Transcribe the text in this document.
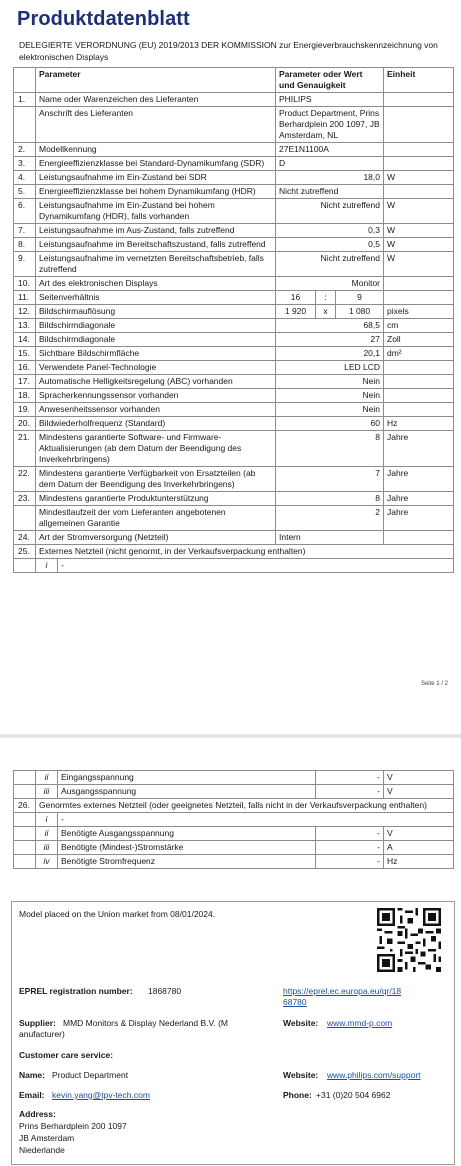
Produktdatenblatt
DELEGIERTE VERORDNUNG (EU) 2019/2013 DER KOMMISSION zur Energieverbrauchskennzeichnung von elektronischen Displays
	Parameter		Parameter oder Wert und Genauigkeit			Einheit
1.	Name oder Warenzeichen des Lieferanten		PHILIPS			
	Anschrift des Lieferanten		Product Department, Prins Berhardplein 200 1097, JB Amsterdam, NL			
2.	Modellkennung		27E1N1100A			
3.	Energieeffizienzklasse bei Standard-Dynamikumfang (SDR)		D			
4.	Leistungsaufnahme im Ein-Zustand bei SDR		18,0			W
5.	Energieeffizienzklasse bei hohem Dynamikumfang (HDR)		Nicht zutreffend			
6.	Leistungsaufnahme im Ein-Zustand bei hohem Dynamikumfang (HDR), falls vorhanden		Nicht zutreffend			W
7.	Leistungsaufnahme im Aus-Zustand, falls zutreffend		0,3			W
8.	Leistungsaufnahme im Bereitschaftszustand, falls zutreffend		0,5			W
9.	Leistungsaufnahme im vernetzten Bereitschaftsbetrieb, falls zutreffend		Nicht zutreffend			W
10.	Art des elektronischen Displays		Monitor			
11.	Seitenverhältnis		16	:	9	
12.	Bildschirmauflösung		1 920	x	1 080	pixels
13.	Bildschirmdiagonale		68,5			cm
14.	Bildschirmdiagonale		27			Zoll
15.	Sichtbare Bildschirmfläche		20,1			dm²
16.	Verwendete Panel-Technologie		LED LCD			
17.	Automatische Helligkeitsregelung (ABC) vorhanden		Nein			
18.	Spracherkennungssensor vorhanden		Nein			
19.	Anwesenheitssensor vorhanden		Nein			
20.	Bildwiederholfrequenz (Standard)		60			Hz
21.	Mindestens garantierte Software- und Firmware-Aktualisierungen (ab dem Datum der Beendigung des Inverkehrbringens)		8			Jahre
22.	Mindestens garantierte Verfügbarkeit von Ersatzteilen (ab dem Datum der Beendigung des Inverkehrbringens)		7			Jahre
23.	Mindestens garantierte Produktunterstützung		8			Jahre
	Mindestlaufzeit der vom Lieferanten angebotenen allgemeinen Garantie		2			Jahre
24.	Art der Stromversorgung (Netzteil)		Intern			
25.	Externes Netzteil (nicht genormt, in der Verkaufsverpackung enthalten)					
	i	-				
Seite 1 / 2
	ii	Eingangsspannung	-	V
	iii	Ausgangsspannung	-	V
26.	Genormtes externes Netzteil (oder geeignetes Netzteil, falls nicht in der Verkaufsverpackung enthalten)			
	i	-		
	ii	Benötigte Ausgangsspannung	-	V
	iii	Benötigte (Mindest-)Stromstärke	-	A
	iv	Benötigte Stromfrequenz	-	Hz
Model placed on the Union market from 08/01/2024.
EPREL registration number: 1868780	https://eprel.ec.europa.eu/qr/18
68780
Supplier: MMD Monitors & Display Nederland B.V. (M
anufacturer)
Website: www.mmd-p.com
Customer care service:
Name: Product Department	Website: www.philips.com/support
Email: kevin.yang@tpv-tech.com	Phone: +31 (0)20 504 6962
Address:
Prins Berhardplein 200 1097
JB Amsterdam
Niederlande
